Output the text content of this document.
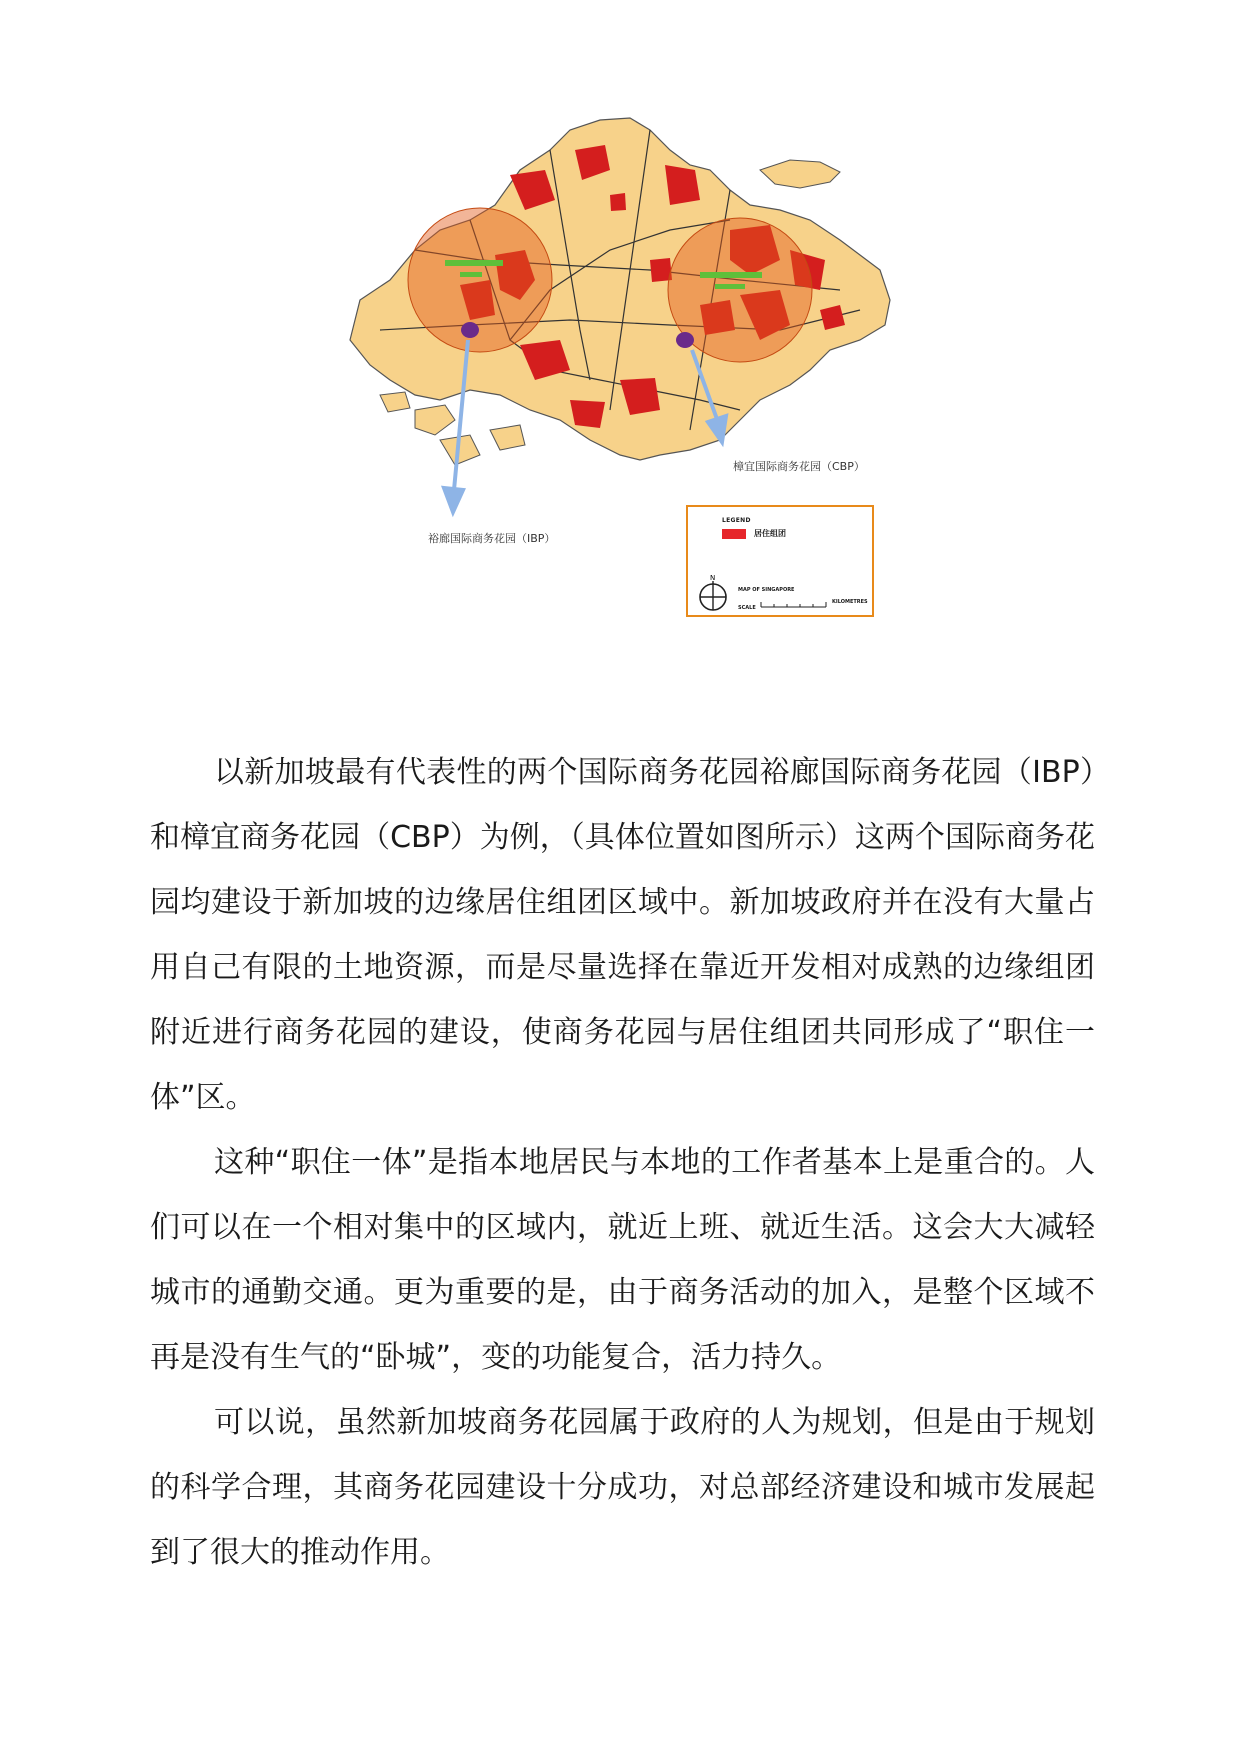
樟宜国际商务花园（CBP）
裕廊国际商务花园（IBP）
LEGEND
居住组团
N
MAP OF SINGAPORE
SCALE
KILOMETRES

以新加坡最有代表性的两个国际商务花园裕廊国际商务花园（IBP）和樟宜商务花园（CBP）为例，（具体位置如图所示）这两个国际商务花园均建设于新加坡的边缘居住组团区域中。新加坡政府并在没有大量占用自己有限的土地资源，而是尽量选择在靠近开发相对成熟的边缘组团附近进行商务花园的建设，使商务花园与居住组团共同形成了“职住一体”区。

这种“职住一体”是指本地居民与本地的工作者基本上是重合的。人们可以在一个相对集中的区域内，就近上班、就近生活。这会大大减轻城市的通勤交通。更为重要的是，由于商务活动的加入，是整个区域不再是没有生气的“卧城”，变的功能复合，活力持久。

可以说，虽然新加坡商务花园属于政府的人为规划，但是由于规划的科学合理，其商务花园建设十分成功，对总部经济建设和城市发展起到了很大的推动作用。
